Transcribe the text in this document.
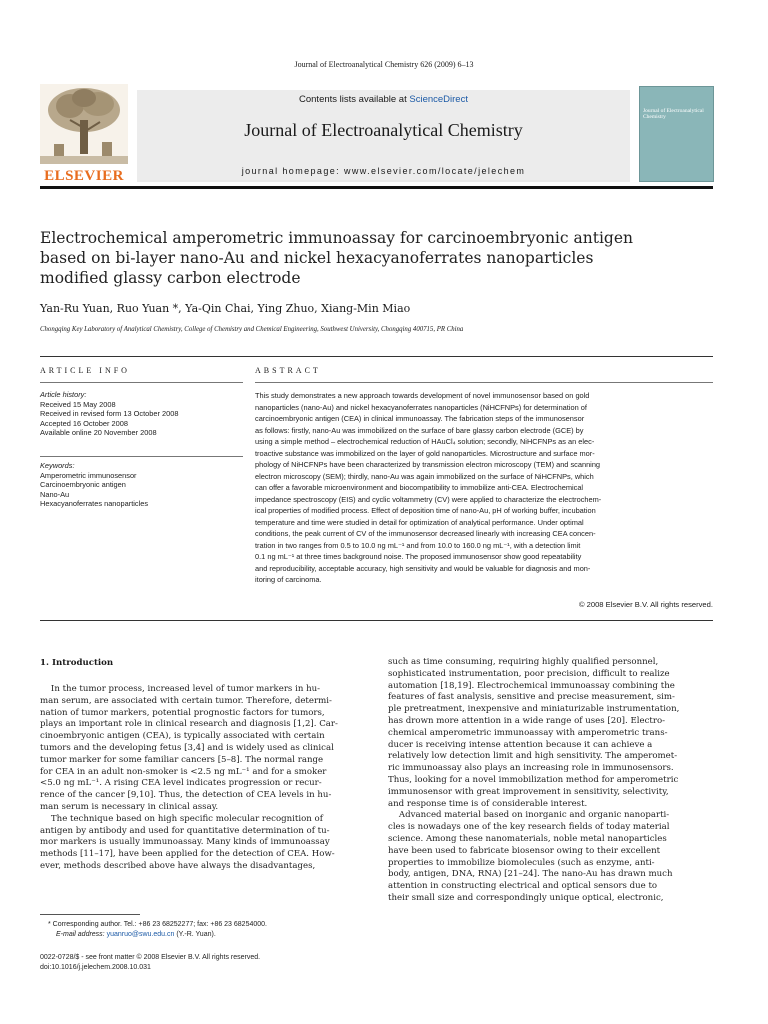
Journal of Electroanalytical Chemistry 626 (2009) 6–13
ELSEVIER
Contents lists available at ScienceDirect
Journal of Electroanalytical Chemistry
journal homepage: www.elsevier.com/locate/jelechem
Journal of Electroanalytical Chemistry
Electrochemical amperometric immunoassay for carcinoembryonic antigen
based on bi-layer nano-Au and nickel hexacyanoferrates nanoparticles
modified glassy carbon electrode
Yan-Ru Yuan, Ruo Yuan *, Ya-Qin Chai, Ying Zhuo, Xiang-Min Miao
Chongqing Key Laboratory of Analytical Chemistry, College of Chemistry and Chemical Engineering, Southwest University, Chongqing 400715, PR China
ARTICLE INFO
Article history:
Received 15 May 2008
Received in revised form 13 October 2008
Accepted 16 October 2008
Available online 20 November 2008
Keywords:
Amperometric immunosensor
Carcinoembryonic antigen
Nano-Au
Hexacyanoferrates nanoparticles
ABSTRACT
This study demonstrates a new approach towards development of novel immunosensor based on gold
nanoparticles (nano-Au) and nickel hexacyanoferrates nanoparticles (NiHCFNPs) for determination of
carcinoembryonic antigen (CEA) in clinical immunoassay. The fabrication steps of the immunosensor
as follows: firstly, nano-Au was immobilized on the surface of bare glassy carbon electrode (GCE) by
using a simple method – electrochemical reduction of HAuCl₄ solution; secondly, NiHCFNPs as an elec-
troactive substance was immobilized on the layer of gold nanoparticles. Microstructure and surface mor-
phology of NiHCFNPs have been characterized by transmission electron microscopy (TEM) and scanning
electron microscopy (SEM); thirdly, nano-Au was again immobilized on the surface of NiHCFNPs, which
can offer a favorable microenvironment and biocompatibility to immobilize anti-CEA. Electrochemical
impedance spectroscopy (EIS) and cyclic voltammetry (CV) were applied to characterize the electrochem-
ical properties of modified process. Effect of deposition time of nano-Au, pH of working buffer, incubation
temperature and time were studied in detail for optimization of analytical performance. Under optimal
conditions, the peak current of CV of the immunosensor decreased linearly with increasing CEA concen-
tration in two ranges from 0.5 to 10.0 ng mL⁻¹ and from 10.0 to 160.0 ng mL⁻¹, with a detection limit
0.1 ng mL⁻¹ at three times background noise. The proposed immunosensor show good repeatability
and reproducibility, acceptable accuracy, high sensitivity and would be valuable for diagnosis and mon-
itoring of carcinoma.
© 2008 Elsevier B.V. All rights reserved.
1. Introduction
In the tumor process, increased level of tumor markers in hu-
man serum, are associated with certain tumor. Therefore, determi-
nation of tumor markers, potential prognostic factors for tumors,
plays an important role in clinical research and diagnosis [1,2]. Car-
cinoembryonic antigen (CEA), is typically associated with certain
tumors and the developing fetus [3,4] and is widely used as clinical
tumor marker for some familiar cancers [5–8]. The normal range
for CEA in an adult non-smoker is <2.5 ng mL⁻¹ and for a smoker
<5.0 ng mL⁻¹. A rising CEA level indicates progression or recur-
rence of the cancer [9,10]. Thus, the detection of CEA levels in hu-
man serum is necessary in clinical assay.
The technique based on high specific molecular recognition of
antigen by antibody and used for quantitative determination of tu-
mor markers is usually immunoassay. Many kinds of immunoassay
methods [11–17], have been applied for the detection of CEA. How-
ever, methods described above have always the disadvantages,
such as time consuming, requiring highly qualified personnel,
sophisticated instrumentation, poor precision, difficult to realize
automation [18,19]. Electrochemical immunoassay combining the
features of fast analysis, sensitive and precise measurement, sim-
ple pretreatment, inexpensive and miniaturizable instrumentation,
has drown more attention in a wide range of uses [20]. Electro-
chemical amperometric immunoassay with amperometric trans-
ducer is receiving intense attention because it can achieve a
relatively low detection limit and high sensitivity. The amperomet-
ric immunoassay also plays an increasing role in immunosensors.
Thus, looking for a novel immobilization method for amperometric
immunosensor with great improvement in sensitivity, selectivity,
and response time is of considerable interest.
Advanced material based on inorganic and organic nanoparti-
cles is nowadays one of the key research fields of today material
science. Among these nanomaterials, noble metal nanoparticles
have been used to fabricate biosensor owing to their excellent
properties to immobilize biomolecules (such as enzyme, anti-
body, antigen, DNA, RNA) [21–24]. The nano-Au has drawn much
attention in constructing electrical and optical sensors due to
their small size and correspondingly unique optical, electronic,
* Corresponding author. Tel.: +86 23 68252277; fax: +86 23 68254000.
E-mail address: yuanruo@swu.edu.cn (Y.-R. Yuan).
0022-0728/$ - see front matter © 2008 Elsevier B.V. All rights reserved.
doi:10.1016/j.jelechem.2008.10.031
